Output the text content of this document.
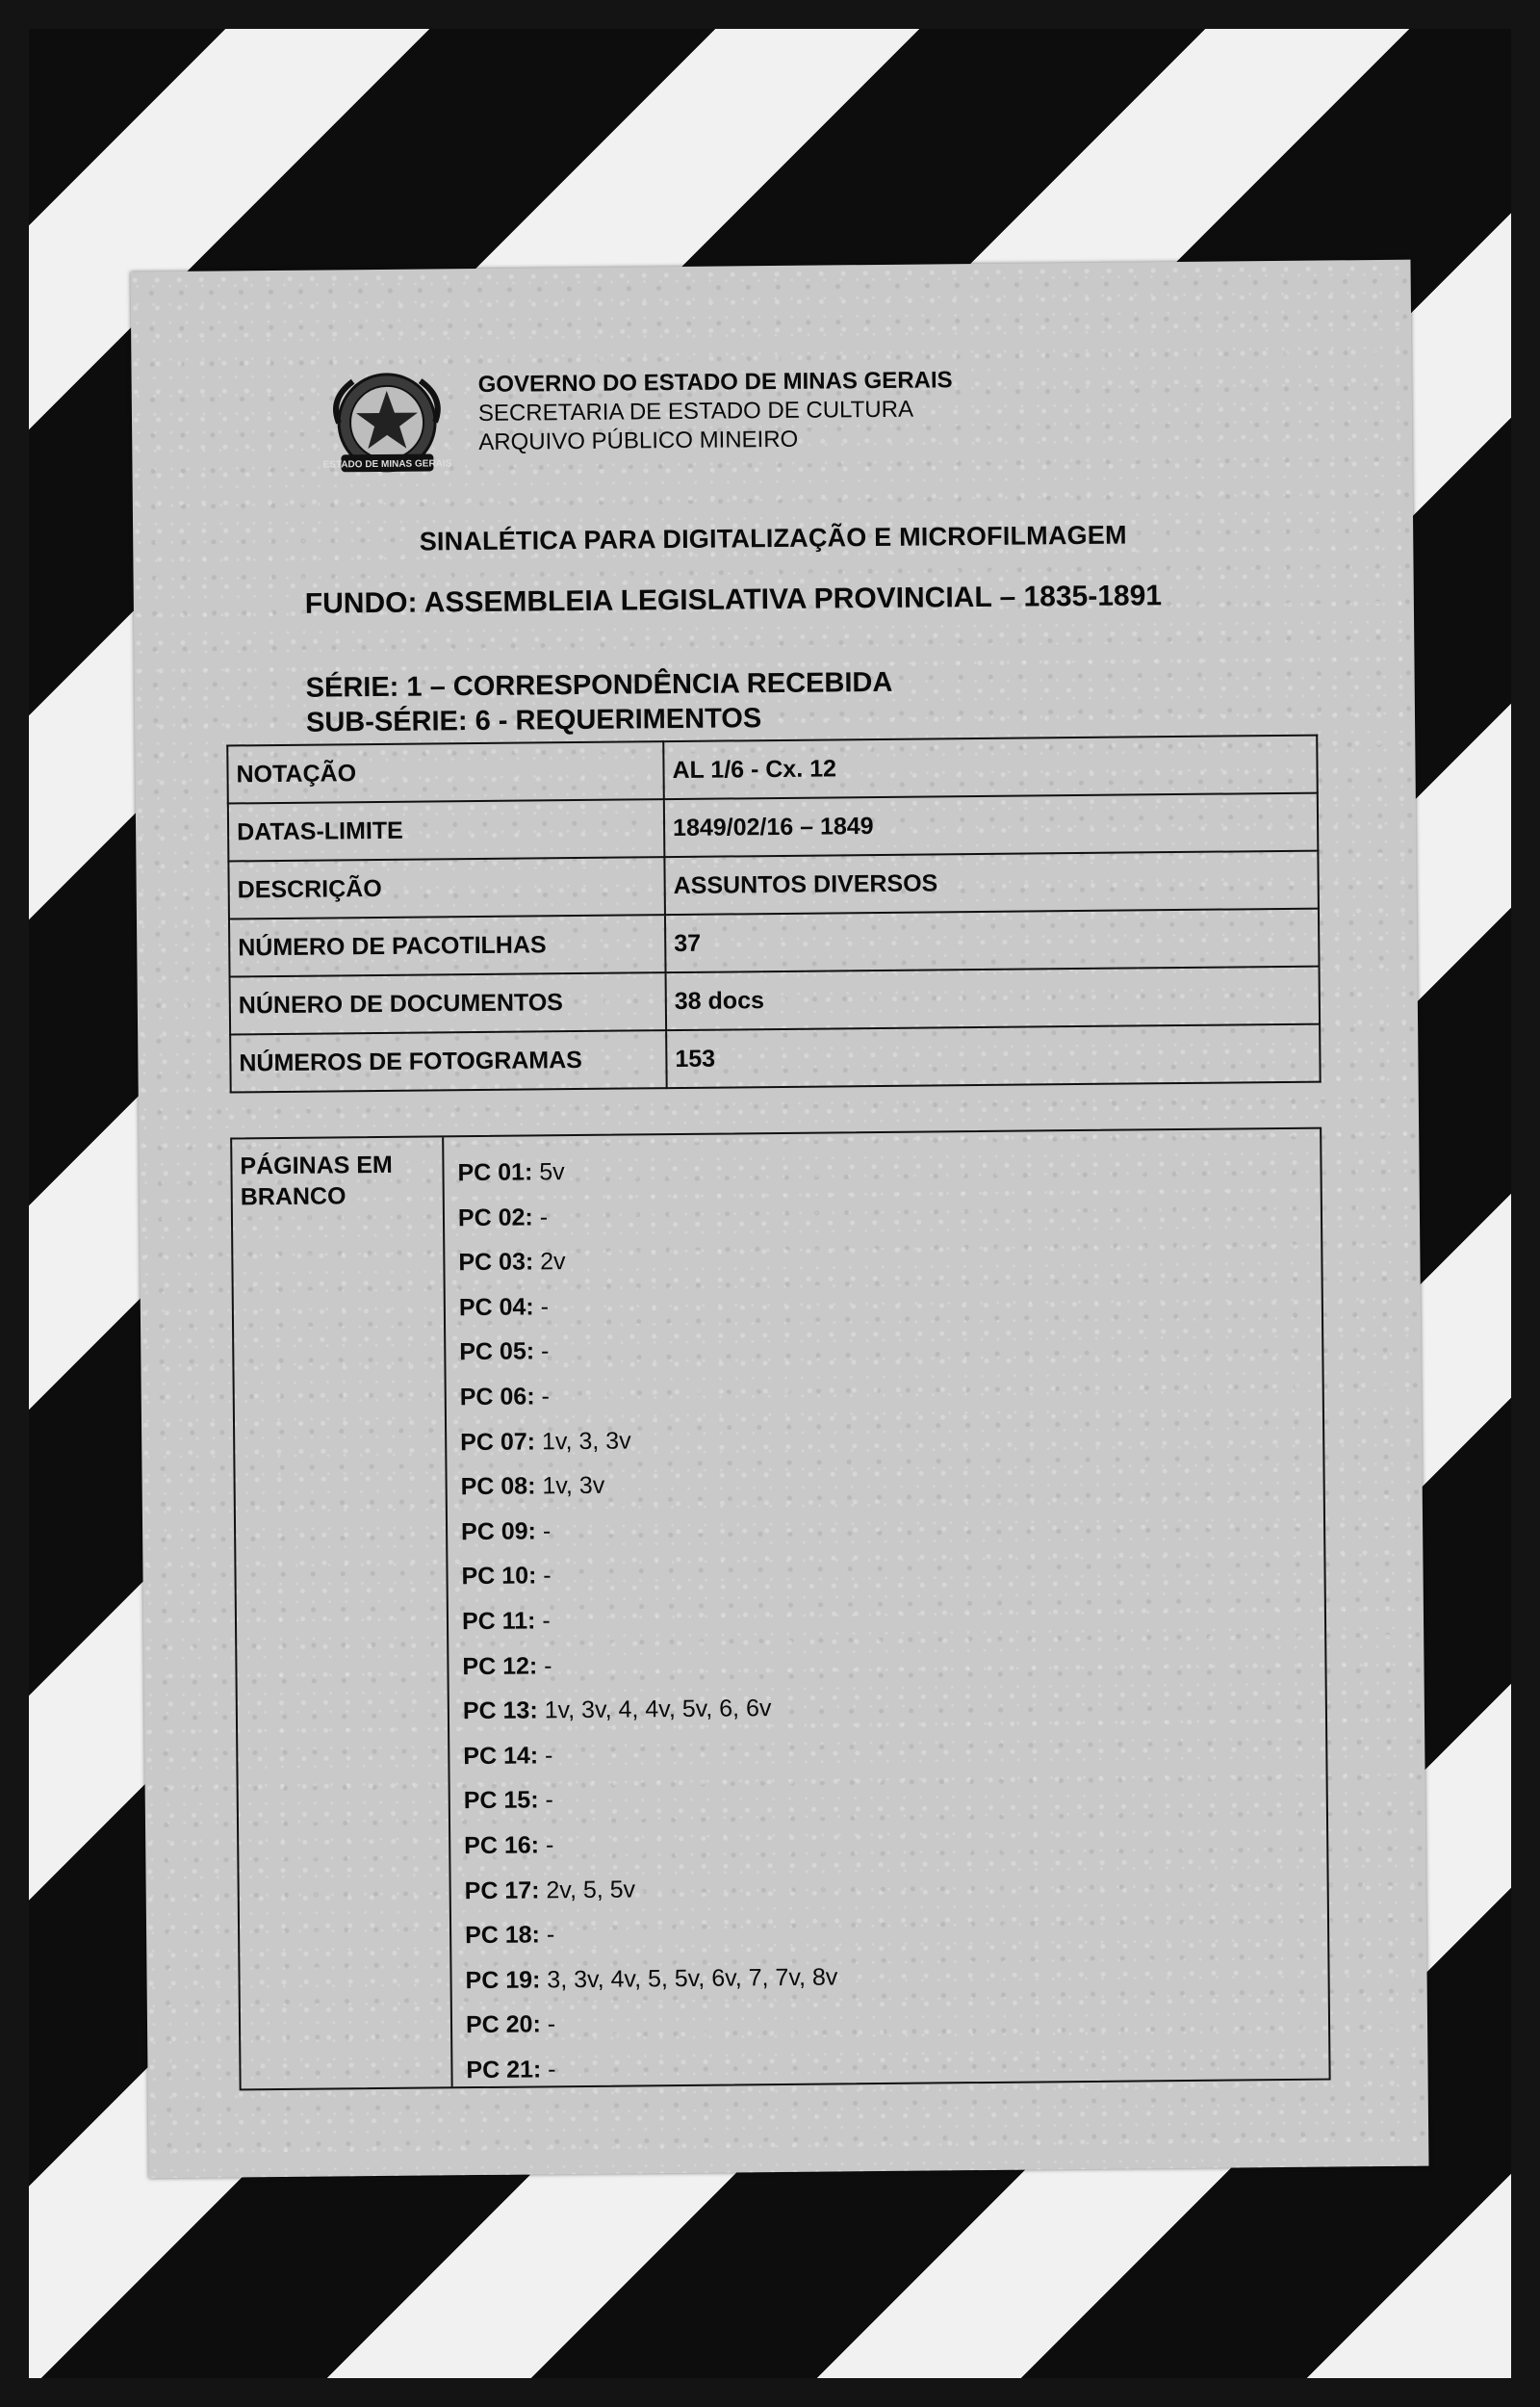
ESTADO DE MINAS GERAIS
GOVERNO DO ESTADO DE MINAS GERAIS
SECRETARIA DE ESTADO DE CULTURA
ARQUIVO PÚBLICO MINEIRO
SINALÉTICA PARA DIGITALIZAÇÃO E MICROFILMAGEM
FUNDO: ASSEMBLEIA LEGISLATIVA PROVINCIAL – 1835-1891
SÉRIE: 1 – CORRESPONDÊNCIA RECEBIDA
SUB-SÉRIE: 6 - REQUERIMENTOS
NOTAÇÃO	AL 1/6 - Cx. 12
DATAS-LIMITE	1849/02/16 – 1849
DESCRIÇÃO	ASSUNTOS DIVERSOS
NÚMERO DE PACOTILHAS	37
NÚNERO DE DOCUMENTOS	38 docs
NÚMEROS DE FOTOGRAMAS	153
PÁGINAS EM BRANCO
PC 01: 5v
PC 02: -
PC 03: 2v
PC 04: -
PC 05: -
PC 06: -
PC 07: 1v, 3, 3v
PC 08: 1v, 3v
PC 09: -
PC 10: -
PC 11: -
PC 12: -
PC 13: 1v, 3v, 4, 4v, 5v, 6, 6v
PC 14: -
PC 15: -
PC 16: -
PC 17: 2v, 5, 5v
PC 18: -
PC 19: 3, 3v, 4v, 5, 5v, 6v, 7, 7v, 8v
PC 20: -
PC 21: -
